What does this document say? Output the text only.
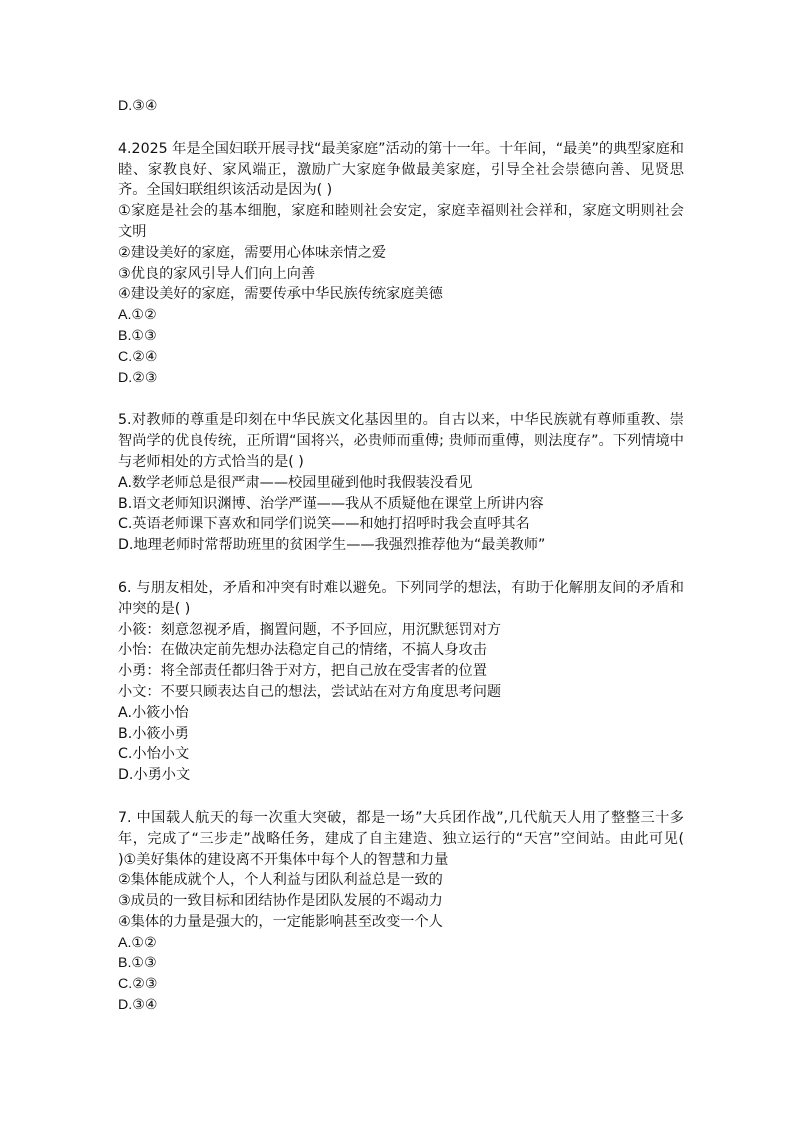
D.③④
4.2025 年是全国妇联开展寻找“最美家庭”活动的第十一年。十年间，“最美”的典型家庭和睦、家教良好、家风端正，激励广大家庭争做最美家庭，引导全社会崇德向善、见贤思齐。全国妇联组织该活动是因为( )
①家庭是社会的基本细胞，家庭和睦则社会安定，家庭幸福则社会祥和，家庭文明则社会文明
②建设美好的家庭，需要用心体味亲情之爱
③优良的家风引导人们向上向善
④建设美好的家庭，需要传承中华民族传统家庭美德
A.①②
B.①③
C.②④
D.②③
5.对教师的尊重是印刻在中华民族文化基因里的。自古以来，中华民族就有尊师重教、崇智尚学的优良传统，正所谓“国将兴，必贵师而重傅; 贵师而重傅，则法度存”。下列情境中与老师相处的方式恰当的是( )
A.数学老师总是很严肃——校园里碰到他时我假装没看见
B.语文老师知识渊博、治学严谨——我从不质疑他在课堂上所讲内容
C.英语老师课下喜欢和同学们说笑——和她打招呼时我会直呼其名
D.地理老师时常帮助班里的贫困学生——我强烈推荐他为“最美教师”
6. 与朋友相处，矛盾和冲突有时难以避免。下列同学的想法，有助于化解朋友间的矛盾和冲突的是( )
小筱：刻意忽视矛盾，搁置问题，不予回应，用沉默惩罚对方
小怡：在做决定前先想办法稳定自己的情绪，不搞人身攻击
小勇：将全部责任都归咎于对方，把自己放在受害者的位置
小文：不要只顾表达自己的想法，尝试站在对方角度思考问题
A.小筱小怡
B.小筱小勇
C.小怡小文
D.小勇小文
7. 中国载人航天的每一次重大突破，都是一场”大兵团作战”,几代航天人用了整整三十多年，完成了“三步走”战略任务，建成了自主建造、独立运行的“天宫”空间站。由此可见( )①美好集体的建设离不开集体中每个人的智慧和力量
②集体能成就个人，个人利益与团队利益总是一致的
③成员的一致目标和团结协作是团队发展的不竭动力
④集体的力量是强大的，一定能影响甚至改变一个人
A.①②
B.①③
C.②③
D.③④
